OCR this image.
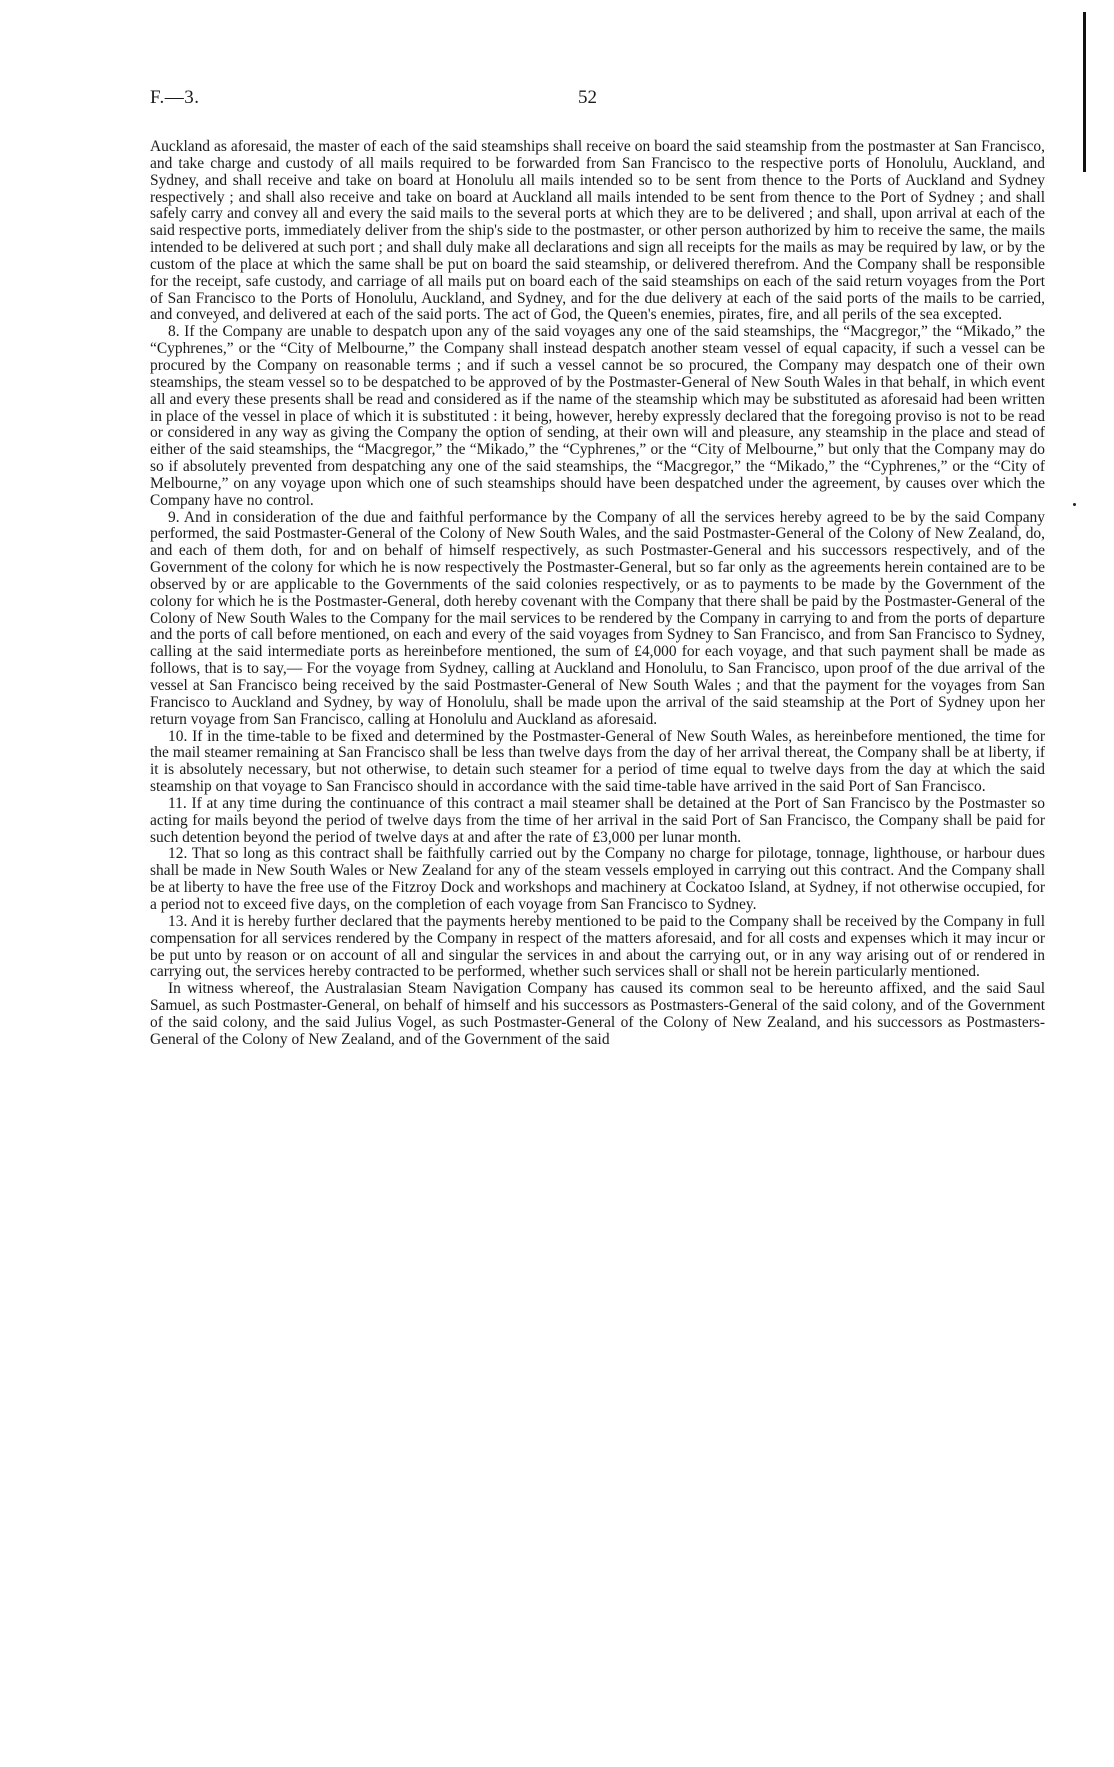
F.—3.	52

Auckland as aforesaid, the master of each of the said steamships shall receive on board the said steamship from the postmaster at San Francisco, and take charge and custody of all mails required to be forwarded from San Francisco to the respective ports of Honolulu, Auckland, and Sydney, and shall receive and take on board at Honolulu all mails intended so to be sent from thence to the Ports of Auckland and Sydney respectively ; and shall also receive and take on board at Auckland all mails intended to be sent from thence to the Port of Sydney ; and shall safely carry and convey all and every the said mails to the several ports at which they are to be delivered ; and shall, upon arrival at each of the said respective ports, immediately deliver from the ship's side to the postmaster, or other person authorized by him to receive the same, the mails intended to be delivered at such port ; and shall duly make all declarations and sign all receipts for the mails as may be required by law, or by the custom of the place at which the same shall be put on board the said steamship, or delivered therefrom. And the Company shall be responsible for the receipt, safe custody, and carriage of all mails put on board each of the said steamships on each of the said return voyages from the Port of San Francisco to the Ports of Honolulu, Auckland, and Sydney, and for the due delivery at each of the said ports of the mails to be carried, and conveyed, and delivered at each of the said ports. The act of God, the Queen's enemies, pirates, fire, and all perils of the sea excepted.

8. If the Company are unable to despatch upon any of the said voyages any one of the said steamships, the “Macgregor,” the “Mikado,” the “Cyphrenes,” or the “City of Melbourne,” the Company shall instead despatch another steam vessel of equal capacity, if such a vessel can be procured by the Company on reasonable terms ; and if such a vessel cannot be so procured, the Company may despatch one of their own steamships, the steam vessel so to be despatched to be approved of by the Postmaster-General of New South Wales in that behalf, in which event all and every these presents shall be read and considered as if the name of the steamship which may be substituted as aforesaid had been written in place of the vessel in place of which it is substituted : it being, however, hereby expressly declared that the foregoing proviso is not to be read or considered in any way as giving the Company the option of sending, at their own will and pleasure, any steamship in the place and stead of either of the said steamships, the “Macgregor,” the “Mikado,” the “Cyphrenes,” or the “City of Melbourne,” but only that the Company may do so if absolutely prevented from despatching any one of the said steamships, the “Macgregor,” the “Mikado,” the “Cyphrenes,” or the “City of Melbourne,” on any voyage upon which one of such steamships should have been despatched under the agreement, by causes over which the Company have no control.

9. And in consideration of the due and faithful performance by the Company of all the services hereby agreed to be by the said Company performed, the said Postmaster-General of the Colony of New South Wales, and the said Postmaster-General of the Colony of New Zealand, do, and each of them doth, for and on behalf of himself respectively, as such Postmaster-General and his successors respectively, and of the Government of the colony for which he is now respectively the Postmaster-General, but so far only as the agreements herein contained are to be observed by or are applicable to the Governments of the said colonies respectively, or as to payments to be made by the Government of the colony for which he is the Postmaster-General, doth hereby covenant with the Company that there shall be paid by the Postmaster-General of the Colony of New South Wales to the Company for the mail services to be rendered by the Company in carrying to and from the ports of departure and the ports of call before mentioned, on each and every of the said voyages from Sydney to San Francisco, and from San Francisco to Sydney, calling at the said intermediate ports as hereinbefore mentioned, the sum of £4,000 for each voyage, and that such payment shall be made as follows, that is to say,— For the voyage from Sydney, calling at Auckland and Honolulu, to San Francisco, upon proof of the due arrival of the vessel at San Francisco being received by the said Postmaster-General of New South Wales ; and that the payment for the voyages from San Francisco to Auckland and Sydney, by way of Honolulu, shall be made upon the arrival of the said steamship at the Port of Sydney upon her return voyage from San Francisco, calling at Honolulu and Auckland as aforesaid.

10. If in the time-table to be fixed and determined by the Postmaster-General of New South Wales, as hereinbefore mentioned, the time for the mail steamer remaining at San Francisco shall be less than twelve days from the day of her arrival thereat, the Company shall be at liberty, if it is absolutely necessary, but not otherwise, to detain such steamer for a period of time equal to twelve days from the day at which the said steamship on that voyage to San Francisco should in accordance with the said time-table have arrived in the said Port of San Francisco.

11. If at any time during the continuance of this contract a mail steamer shall be detained at the Port of San Francisco by the Postmaster so acting for mails beyond the period of twelve days from the time of her arrival in the said Port of San Francisco, the Company shall be paid for such detention beyond the period of twelve days at and after the rate of £3,000 per lunar month.

12. That so long as this contract shall be faithfully carried out by the Company no charge for pilotage, tonnage, lighthouse, or harbour dues shall be made in New South Wales or New Zealand for any of the steam vessels employed in carrying out this contract. And the Company shall be at liberty to have the free use of the Fitzroy Dock and workshops and machinery at Cockatoo Island, at Sydney, if not otherwise occupied, for a period not to exceed five days, on the completion of each voyage from San Francisco to Sydney.

13. And it is hereby further declared that the payments hereby mentioned to be paid to the Company shall be received by the Company in full compensation for all services rendered by the Company in respect of the matters aforesaid, and for all costs and expenses which it may incur or be put unto by reason or on account of all and singular the services in and about the carrying out, or in any way arising out of or rendered in carrying out, the services hereby contracted to be performed, whether such services shall or shall not be herein particularly mentioned.

In witness whereof, the Australasian Steam Navigation Company has caused its common seal to be hereunto affixed, and the said Saul Samuel, as such Postmaster-General, on behalf of himself and his successors as Postmasters-General of the said colony, and of the Government of the said colony, and the said Julius Vogel, as such Postmaster-General of the Colony of New Zealand, and his successors as Postmasters-General of the Colony of New Zealand, and of the Government of the said
